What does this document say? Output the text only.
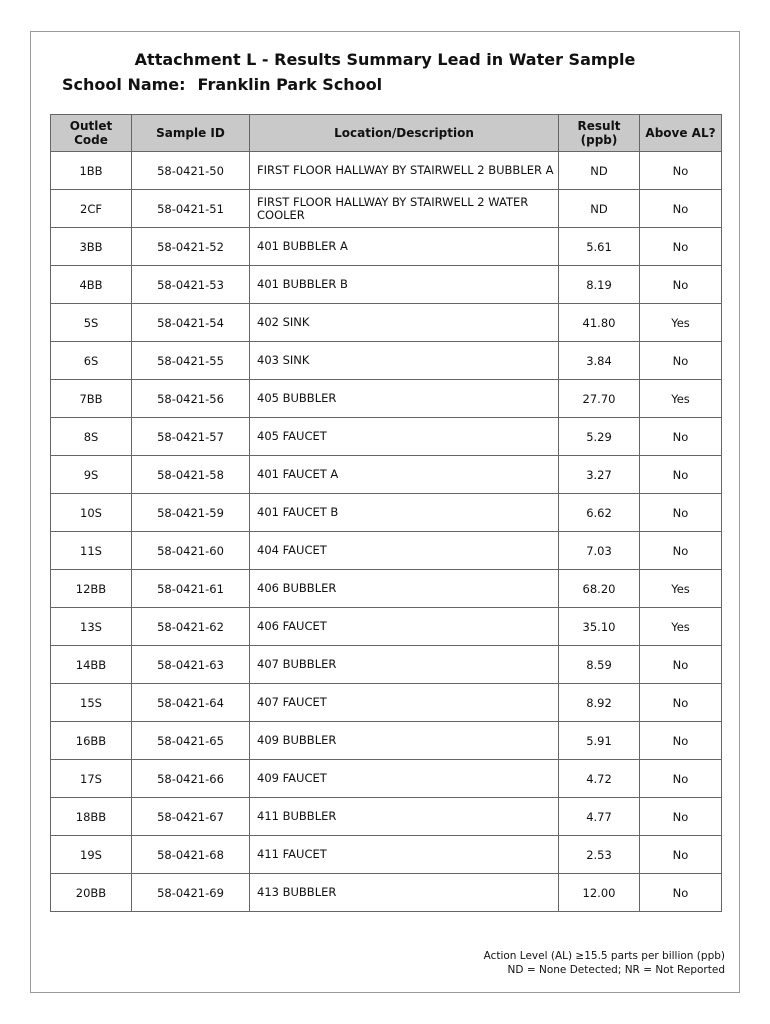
Attachment L - Results Summary Lead in Water Sample
School Name: Franklin Park School
Outlet Code	Sample ID	Location/Description	Result (ppb)	Above AL?
1BB	58-0421-50	FIRST FLOOR HALLWAY BY STAIRWELL 2 BUBBLER A	ND	No
2CF	58-0421-51	FIRST FLOOR HALLWAY BY STAIRWELL 2 WATER COOLER	ND	No
3BB	58-0421-52	401 BUBBLER A	5.61	No
4BB	58-0421-53	401 BUBBLER B	8.19	No
5S	58-0421-54	402 SINK	41.80	Yes
6S	58-0421-55	403 SINK	3.84	No
7BB	58-0421-56	405 BUBBLER	27.70	Yes
8S	58-0421-57	405 FAUCET	5.29	No
9S	58-0421-58	401 FAUCET A	3.27	No
10S	58-0421-59	401 FAUCET B	6.62	No
11S	58-0421-60	404 FAUCET	7.03	No
12BB	58-0421-61	406 BUBBLER	68.20	Yes
13S	58-0421-62	406 FAUCET	35.10	Yes
14BB	58-0421-63	407 BUBBLER	8.59	No
15S	58-0421-64	407 FAUCET	8.92	No
16BB	58-0421-65	409 BUBBLER	5.91	No
17S	58-0421-66	409 FAUCET	4.72	No
18BB	58-0421-67	411 BUBBLER	4.77	No
19S	58-0421-68	411 FAUCET	2.53	No
20BB	58-0421-69	413 BUBBLER	12.00	No
Action Level (AL) ≥15.5 parts per billion (ppb)
ND = None Detected; NR = Not Reported
